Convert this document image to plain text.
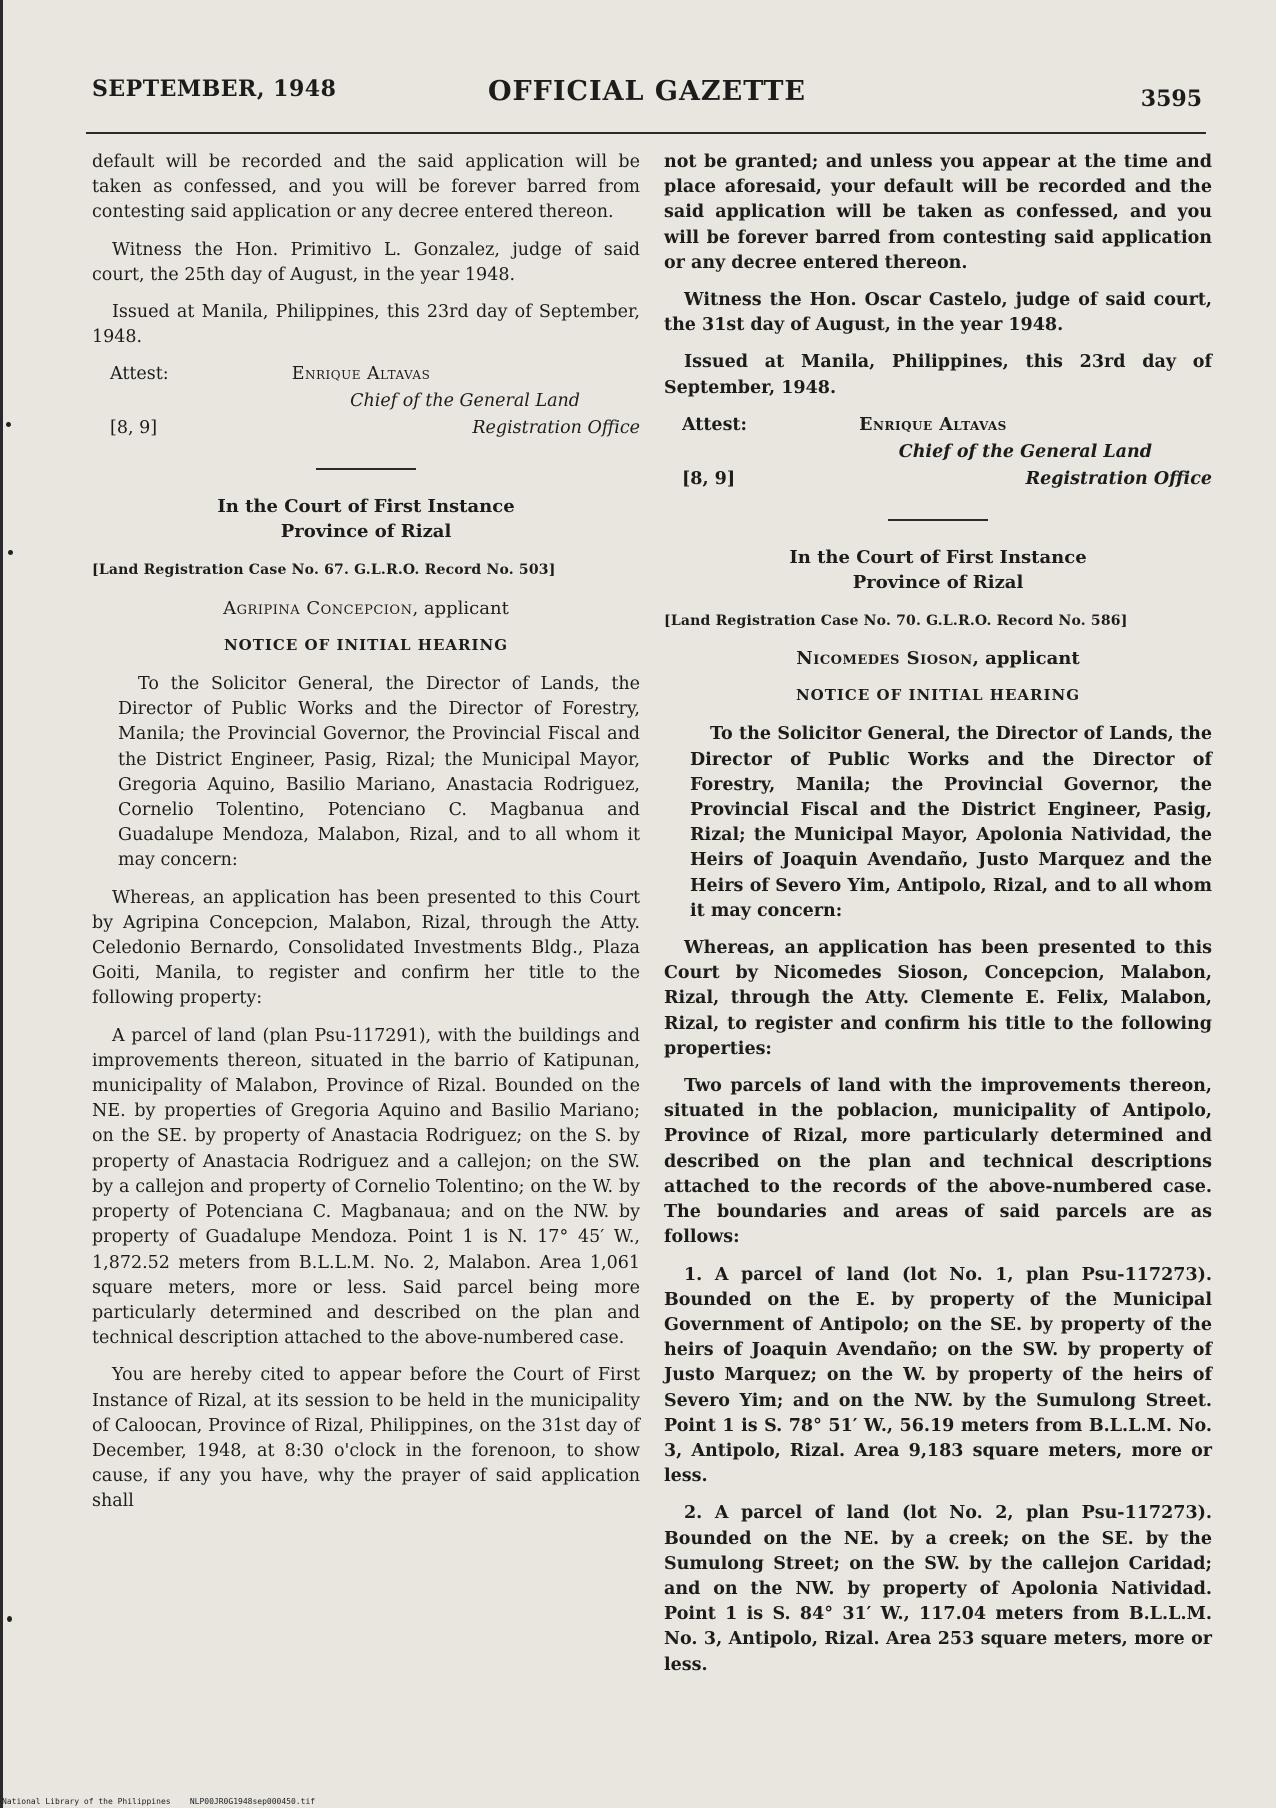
SEPTEMBER, 1948	OFFICIAL GAZETTE	3595

default will be recorded and the said application will be taken as confessed, and you will be forever barred from contesting said application or any decree entered thereon.

Witness the Hon. Primitivo L. Gonzalez, judge of said court, the 25th day of August, in the year 1948.

Issued at Manila, Philippines, this 23rd day of September, 1948.

Attest:	Enrique Altavas
Chief of the General Land
[8, 9]	Registration Office
In the Court of First Instance
Province of Rizal
[Land Registration Case No. 67. G.L.R.O. Record No. 503]
Agripina Concepcion, applicant
NOTICE OF INITIAL HEARING

To the Solicitor General, the Director of Lands, the Director of Public Works and the Director of Forestry, Manila; the Provincial Governor, the Provincial Fiscal and the District Engineer, Pasig, Rizal; the Municipal Mayor, Gregoria Aquino, Basilio Mariano, Anastacia Rodriguez, Cornelio Tolentino, Potenciano C. Magbanua and Guadalupe Mendoza, Malabon, Rizal, and to all whom it may concern:

Whereas, an application has been presented to this Court by Agripina Concepcion, Malabon, Rizal, through the Atty. Celedonio Bernardo, Consolidated Investments Bldg., Plaza Goiti, Manila, to register and confirm her title to the following property:

A parcel of land (plan Psu-117291), with the buildings and improvements thereon, situated in the barrio of Katipunan, municipality of Malabon, Province of Rizal. Bounded on the NE. by properties of Gregoria Aquino and Basilio Mariano; on the SE. by property of Anastacia Rodriguez; on the S. by property of Anastacia Rodriguez and a callejon; on the SW. by a callejon and property of Cornelio Tolentino; on the W. by property of Potenciana C. Magbanaua; and on the NW. by property of Guadalupe Mendoza. Point 1 is N. 17° 45′ W., 1,872.52 meters from B.L.L.M. No. 2, Malabon. Area 1,061 square meters, more or less. Said parcel being more particularly determined and described on the plan and technical description attached to the above-numbered case.

You are hereby cited to appear before the Court of First Instance of Rizal, at its session to be held in the municipality of Caloocan, Province of Rizal, Philippines, on the 31st day of December, 1948, at 8:30 o'clock in the forenoon, to show cause, if any you have, why the prayer of said application shall

not be granted; and unless you appear at the time and place aforesaid, your default will be recorded and the said application will be taken as confessed, and you will be forever barred from contesting said application or any decree entered thereon.

Witness the Hon. Oscar Castelo, judge of said court, the 31st day of August, in the year 1948.

Issued at Manila, Philippines, this 23rd day of September, 1948.

Attest:	Enrique Altavas
Chief of the General Land
[8, 9]	Registration Office
In the Court of First Instance
Province of Rizal
[Land Registration Case No. 70. G.L.R.O. Record No. 586]
Nicomedes Sioson, applicant
NOTICE OF INITIAL HEARING

To the Solicitor General, the Director of Lands, the Director of Public Works and the Director of Forestry, Manila; the Provincial Governor, the Provincial Fiscal and the District Engineer, Pasig, Rizal; the Municipal Mayor, Apolonia Natividad, the Heirs of Joaquin Avendaño, Justo Marquez and the Heirs of Severo Yim, Antipolo, Rizal, and to all whom it may concern:

Whereas, an application has been presented to this Court by Nicomedes Sioson, Concepcion, Malabon, Rizal, through the Atty. Clemente E. Felix, Malabon, Rizal, to register and confirm his title to the following properties:

Two parcels of land with the improvements thereon, situated in the poblacion, municipality of Antipolo, Province of Rizal, more particularly determined and described on the plan and technical descriptions attached to the records of the above-numbered case. The boundaries and areas of said parcels are as follows:

1. A parcel of land (lot No. 1, plan Psu-117273). Bounded on the E. by property of the Municipal Government of Antipolo; on the SE. by property of the heirs of Joaquin Avendaño; on the SW. by property of Justo Marquez; on the W. by property of the heirs of Severo Yim; and on the NW. by the Sumulong Street. Point 1 is S. 78° 51′ W., 56.19 meters from B.L.L.M. No. 3, Antipolo, Rizal. Area 9,183 square meters, more or less.

2. A parcel of land (lot No. 2, plan Psu-117273). Bounded on the NE. by a creek; on the SE. by the Sumulong Street; on the SW. by the callejon Caridad; and on the NW. by property of Apolonia Natividad. Point 1 is S. 84° 31′ W., 117.04 meters from B.L.L.M. No. 3, Antipolo, Rizal. Area 253 square meters, more or less.

National Library of the Philippines NLP00JR0G1948sep000450.tif
